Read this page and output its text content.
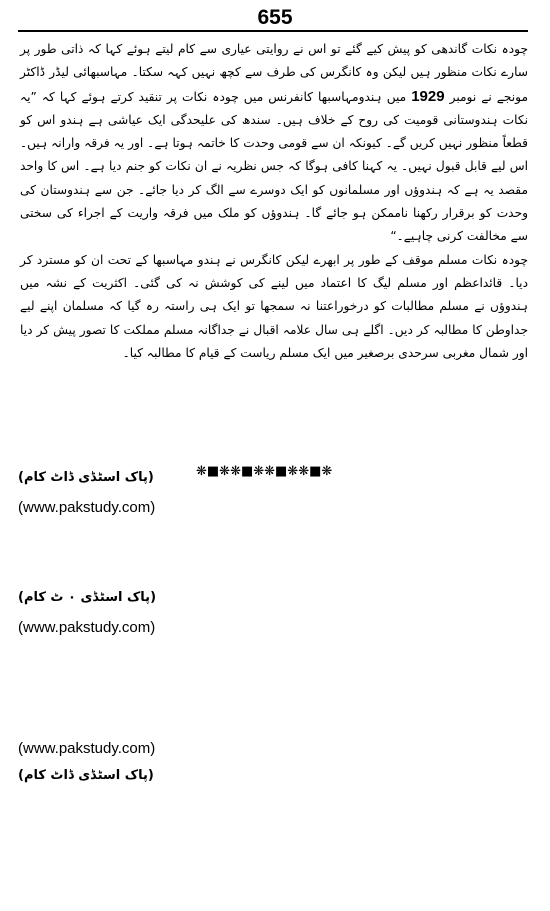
655

چودہ نکات گاندھی کو پیش کیے گئے تو اس نے روایتی عیاری سے کام لیتے ہوئے کہا کہ ذاتی طور پر سارے نکات منظور ہیں لیکن وہ کانگرس کی طرف سے کچھ نہیں کہہ سکتا۔ مہاسبھائی لیڈر ڈاکٹر مونجے نے نومبر 1929 میں ہندومہاسبھا کانفرنس میں چودہ نکات پر تنقید کرتے ہوئے کہا کہ ”یہ نکات ہندوستانی قومیت کی روح کے خلاف ہیں۔ سندھ کی علیحدگی ایک عیاشی ہے ہندو اس کو قطعاً منظور نہیں کریں گے۔ کیونکہ ان سے قومی وحدت کا خاتمہ ہوتا ہے۔ اور یہ فرقہ وارانہ ہیں۔ اس لیے قابل قبول نہیں۔ یہ کہنا کافی ہوگا کہ جس نظریہ نے ان نکات کو جنم دیا ہے۔ اس کا واحد مقصد یہ ہے کہ ہندوؤں اور مسلمانوں کو ایک دوسرے سے الگ کر دیا جائے۔ جن سے ہندوستان کی وحدت کو برقرار رکھنا ناممکن ہو جائے گا۔ ہندوؤں کو ملک میں فرقہ واریت کے اجراء کی سختی سے مخالفت کرنی چاہیے۔“

چودہ نکات مسلم موقف کے طور پر ابھرے لیکن کانگرس نے ہندو مہاسبھا کے تحت ان کو مسترد کر دیا۔ قائداعظم اور مسلم لیگ کا اعتماد میں لینے کی کوشش نہ کی گئی۔ اکثریت کے نشہ میں ہندوؤں نے مسلم مطالبات کو درخوراعتنا نہ سمجھا تو ایک ہی راستہ رہ گیا کہ مسلمان اپنے لیے جداوطن کا مطالبہ کر دیں۔ اگلے ہی سال علامہ اقبال نے جداگانہ مسلم مملکت کا تصور پیش کر دیا اور شمال مغربی سرحدی برصغیر میں ایک مسلم ریاست کے قیام کا مطالبہ کیا۔

❋■❋❋■❋❋■❋❋■❋
(پاک اسٹڈی ڈاٹ کام)
(www.pakstudy.com)
(پاک اسٹڈی ٠ ٹ کام)
(www.pakstudy.com)
(www.pakstudy.com)
(پاک اسٹڈی ڈاٹ کام)
